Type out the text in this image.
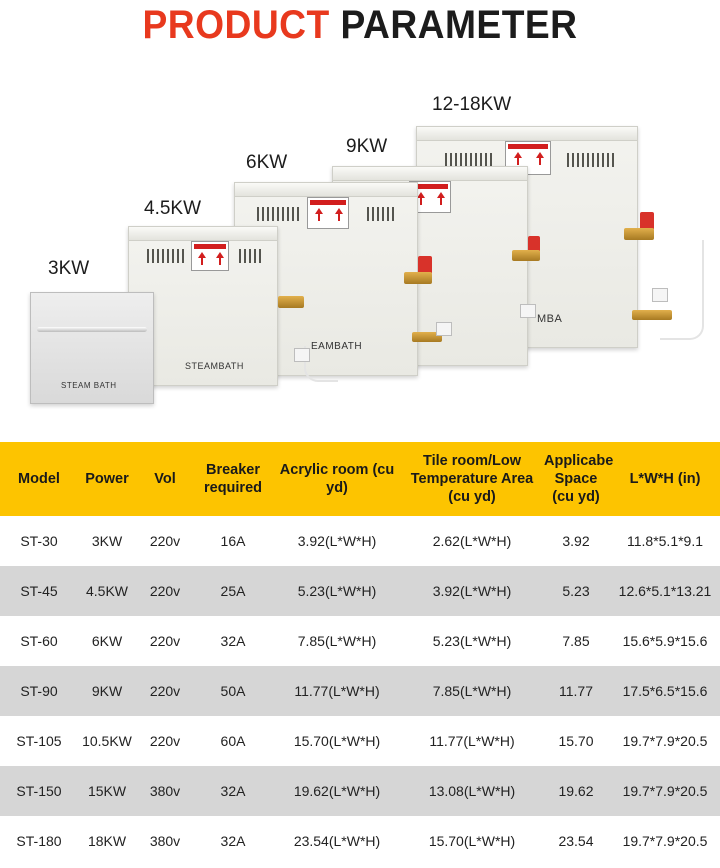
PRODUCT PARAMETER
3KW
4.5KW
6KW
9KW
12-18KW
MBA
EAMBATH
STEAMBATH
STEAM BATH
Model	Power	Vol	Breaker required	Acrylic room (cu yd)	Tile room/Low Temperature Area (cu yd)	Applicabe Space (cu yd)	L*W*H (in)
ST-30	3KW	220v	16A	3.92(L*W*H)	2.62(L*W*H)	3.92	11.8*5.1*9.1
ST-45	4.5KW	220v	25A	5.23(L*W*H)	3.92(L*W*H)	5.23	12.6*5.1*13.21
ST-60	6KW	220v	32A	7.85(L*W*H)	5.23(L*W*H)	7.85	15.6*5.9*15.6
ST-90	9KW	220v	50A	11.77(L*W*H)	7.85(L*W*H)	11.77	17.5*6.5*15.6
ST-105	10.5KW	220v	60A	15.70(L*W*H)	11.77(L*W*H)	15.70	19.7*7.9*20.5
ST-150	15KW	380v	32A	19.62(L*W*H)	13.08(L*W*H)	19.62	19.7*7.9*20.5
ST-180	18KW	380v	32A	23.54(L*W*H)	15.70(L*W*H)	23.54	19.7*7.9*20.5
